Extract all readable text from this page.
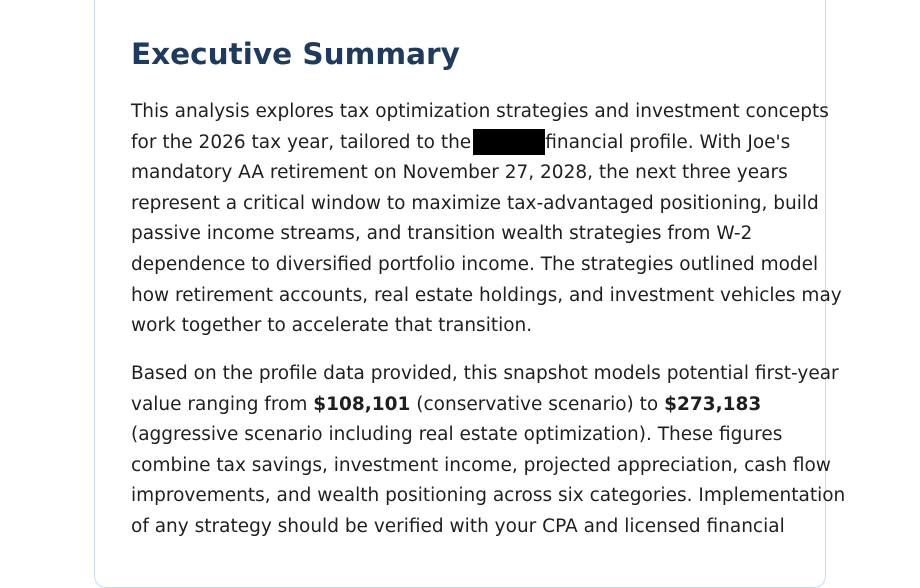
Executive Summary
This analysis explores tax optimization strategies and investment concepts
for the 2026 tax year, tailored to the	financial profile. With Joe's
mandatory AA retirement on November 27, 2028, the next three years
represent a critical window to maximize tax-advantaged positioning, build
passive income streams, and transition wealth strategies from W-2
dependence to diversified portfolio income. The strategies outlined model
how retirement accounts, real estate holdings, and investment vehicles may
work together to accelerate that transition.
Based on the profile data provided, this snapshot models potential first-year
value ranging from $108,101 (conservative scenario) to $273,183
(aggressive scenario including real estate optimization). These figures
combine tax savings, investment income, projected appreciation, cash flow
improvements, and wealth positioning across six categories. Implementation
of any strategy should be verified with your CPA and licensed financial
